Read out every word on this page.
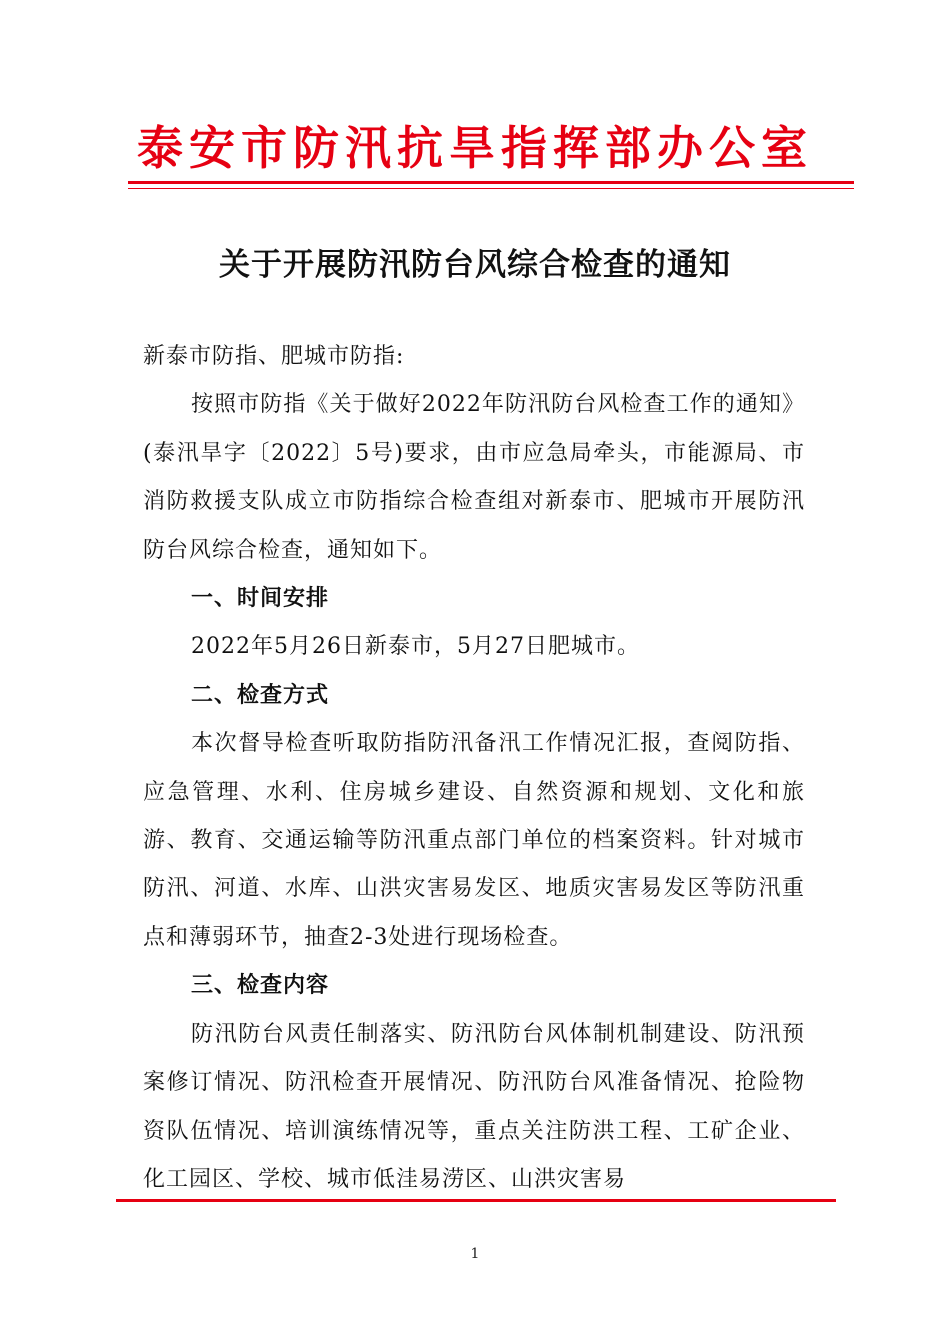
泰安市防汛抗旱指挥部办公室
关于开展防汛防台风综合检查的通知

新泰市防指、肥城市防指:

按照市防指《关于做好2022年防汛防台风检查工作的通知》(泰汛旱字〔2022〕5号)要求，由市应急局牵头，市能源局、市消防救援支队成立市防指综合检查组对新泰市、肥城市开展防汛防台风综合检查，通知如下。

一、时间安排

2022年5月26日新泰市，5月27日肥城市。

二、检查方式

本次督导检查听取防指防汛备汛工作情况汇报，查阅防指、应急管理、水利、住房城乡建设、自然资源和规划、文化和旅游、教育、交通运输等防汛重点部门单位的档案资料。针对城市防汛、河道、水库、山洪灾害易发区、地质灾害易发区等防汛重点和薄弱环节，抽查2-3处进行现场检查。

三、检查内容

防汛防台风责任制落实、防汛防台风体制机制建设、防汛预案修订情况、防汛检查开展情况、防汛防台风准备情况、抢险物资队伍情况、培训演练情况等，重点关注防洪工程、工矿企业、化工园区、学校、城市低洼易涝区、山洪灾害易

1
